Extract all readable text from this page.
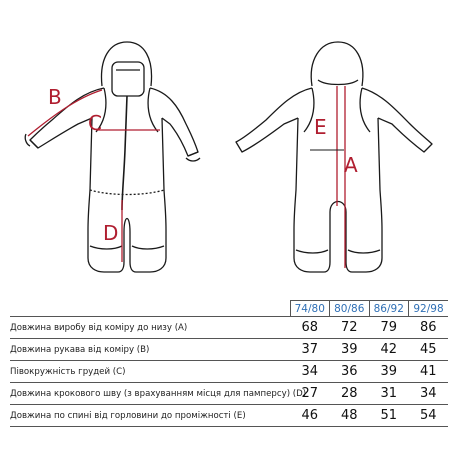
B
C
D
E
A
	74/80	80/86	86/92	92/98
Довжина виробу від коміру до низу (А)	68	72	79	86
Довжина рукава від коміру (В)	37	39	42	45
Півокружність грудей (С)	34	36	39	41
Довжина крокового шву (з врахуванням місця для памперсу) (D)	27	28	31	34
Довжина по спині від горловини до проміжності (E)	46	48	51	54
